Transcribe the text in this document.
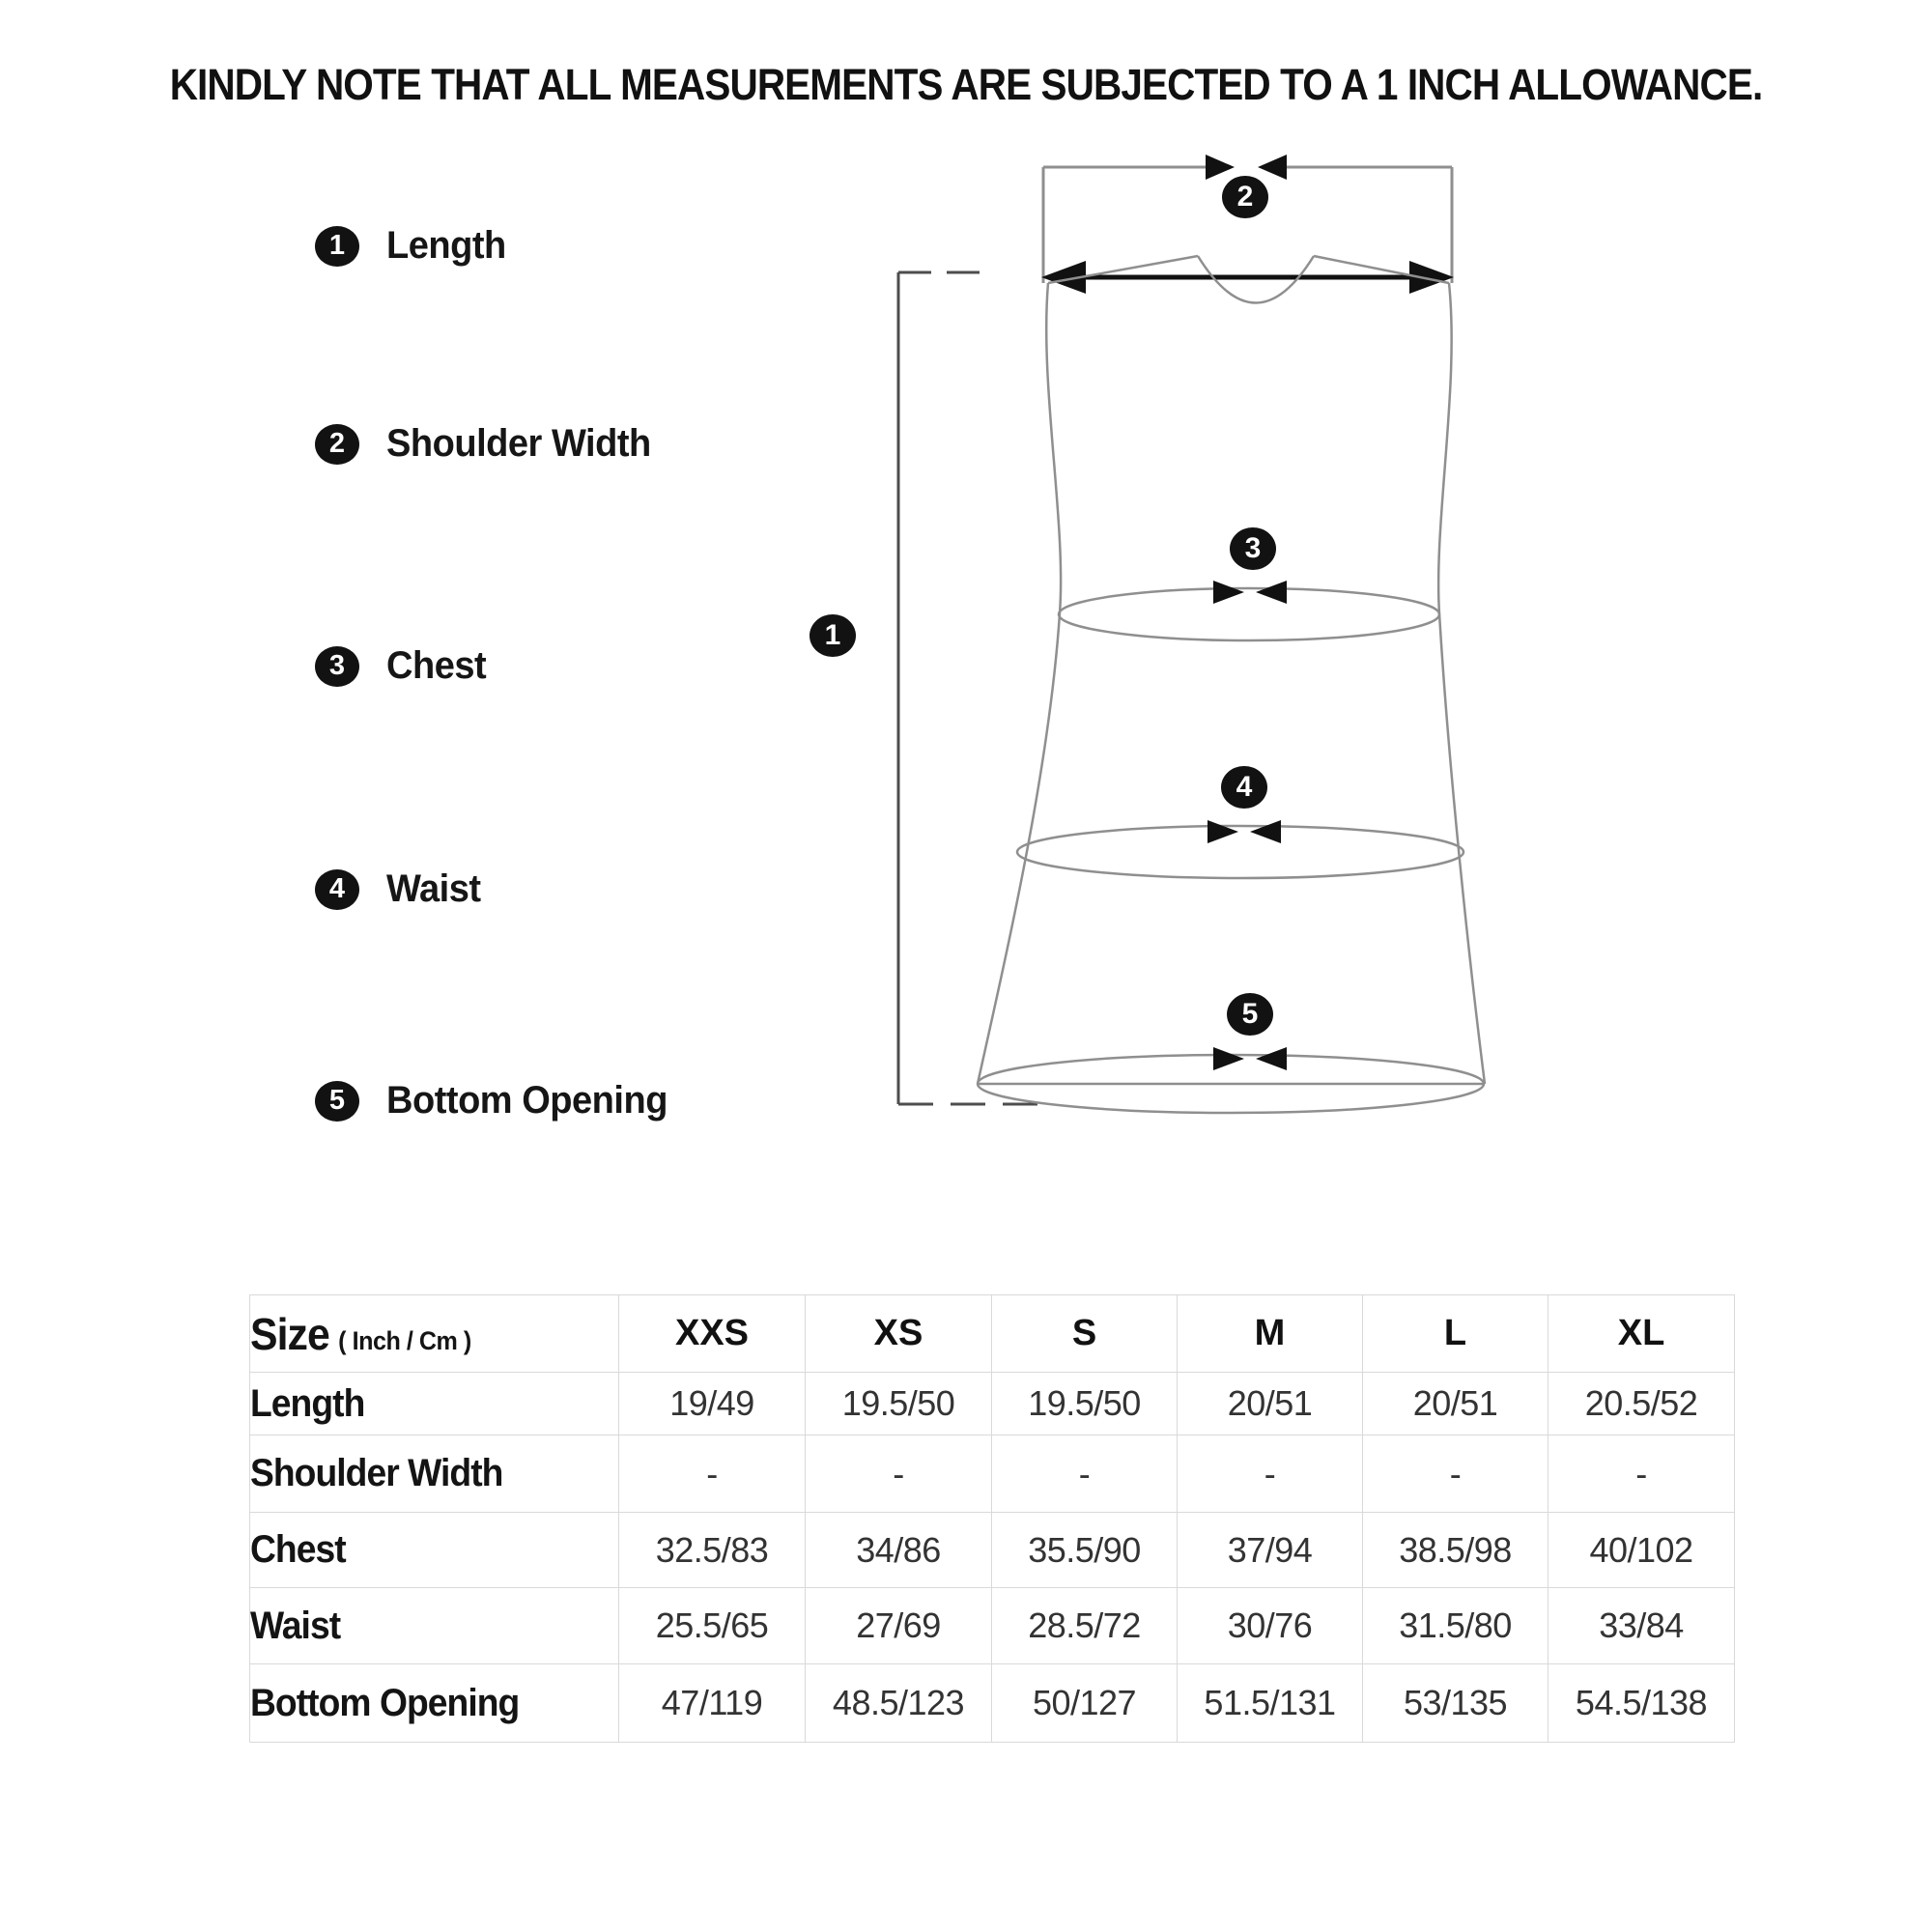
KINDLY NOTE THAT ALL MEASUREMENTS ARE SUBJECTED TO A 1 INCH ALLOWANCE.
1	Length
2	Shoulder Width
3	Chest
4	Waist
5	Bottom Opening
1
2
3
4
5
Size ( Inch / Cm )	XXS	XS	S	M	L	XL
Length	19/49	19.5/50	19.5/50	20/51	20/51	20.5/52
Shoulder Width	-	-	-	-	-	-
Chest	32.5/83	34/86	35.5/90	37/94	38.5/98	40/102
Waist	25.5/65	27/69	28.5/72	30/76	31.5/80	33/84
Bottom Opening	47/119	48.5/123	50/127	51.5/131	53/135	54.5/138
